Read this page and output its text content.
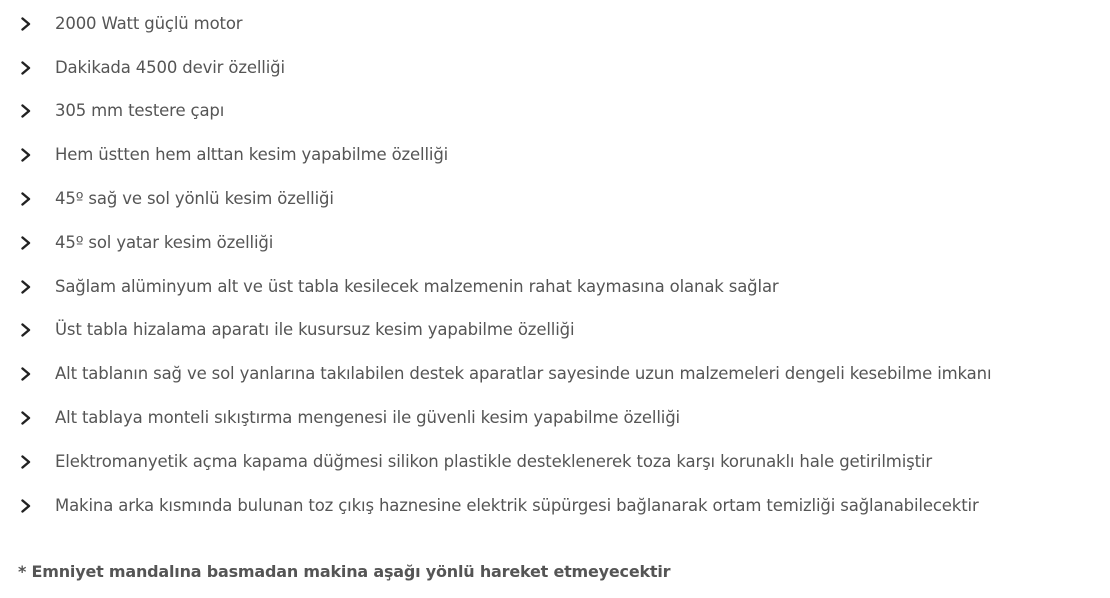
2000 Watt güçlü motor
Dakikada 4500 devir özelliği
305 mm testere çapı
Hem üstten hem alttan kesim yapabilme özelliği
45º sağ ve sol yönlü kesim özelliği
45º sol yatar kesim özelliği
Sağlam alüminyum alt ve üst tabla kesilecek malzemenin rahat kaymasına olanak sağlar
Üst tabla hizalama aparatı ile kusursuz kesim yapabilme özelliği
Alt tablanın sağ ve sol yanlarına takılabilen destek aparatlar sayesinde uzun malzemeleri dengeli kesebilme imkanı
Alt tablaya monteli sıkıştırma mengenesi ile güvenli kesim yapabilme özelliği
Elektromanyetik açma kapama düğmesi silikon plastikle desteklenerek toza karşı korunaklı hale getirilmiştir
Makina arka kısmında bulunan toz çıkış haznesine elektrik süpürgesi bağlanarak ortam temizliği sağlanabilecektir
* Emniyet mandalına basmadan makina aşağı yönlü hareket etmeyecektir
